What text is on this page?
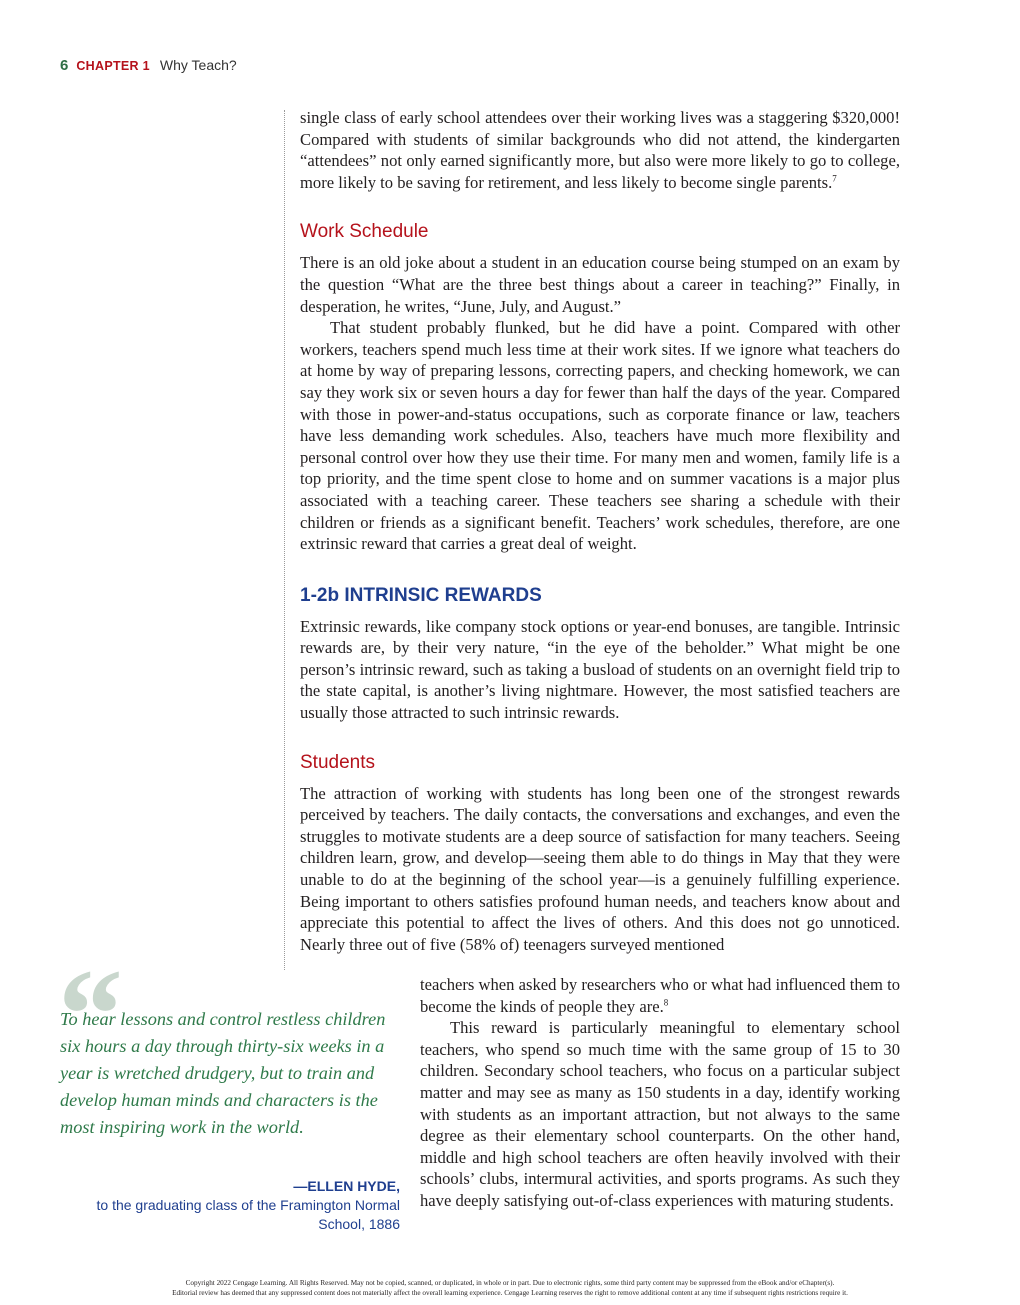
6 CHAPTER 1 Why Teach?

single class of early school attendees over their working lives was a staggering $320,000! Compared with students of similar backgrounds who did not attend, the kindergarten “attendees” not only earned significantly more, but also were more likely to go to college, more likely to be saving for retirement, and less likely to become single parents.$^7$

Work Schedule

There is an old joke about a student in an education course being stumped on an exam by the question “What are the three best things about a career in teaching?” Finally, in desperation, he writes, “June, July, and August.”

That student probably flunked, but he did have a point. Compared with other workers, teachers spend much less time at their work sites. If we ignore what teachers do at home by way of preparing lessons, correcting papers, and checking homework, we can say they work six or seven hours a day for fewer than half the days of the year. Compared with those in power-and-status occupations, such as corporate finance or law, teachers have less demanding work schedules. Also, teachers have much more flexibility and personal control over how they use their time. For many men and women, family life is a top priority, and the time spent close to home and on summer vacations is a major plus associated with a teaching career. These teachers see sharing a schedule with their children or friends as a significant benefit. Teachers’ work schedules, therefore, are one extrinsic reward that carries a great deal of weight.

1-2b INTRINSIC REWARDS

Extrinsic rewards, like company stock options or year-end bonuses, are tangible. Intrinsic rewards are, by their very nature, “in the eye of the beholder.” What might be one person’s intrinsic reward, such as taking a busload of students on an overnight field trip to the state capital, is another’s living nightmare. However, the most satisfied teachers are usually those attracted to such intrinsic rewards.

Students

The attraction of working with students has long been one of the strongest rewards perceived by teachers. The daily contacts, the conversations and exchanges, and even the struggles to motivate students are a deep source of satisfaction for many teachers. Seeing children learn, grow, and develop—seeing them able to do things in May that they were unable to do at the beginning of the school year—is a genuinely fulfilling experience. Being important to others satisfies profound human needs, and teachers know about and appreciate this potential to affect the lives of others. And this does not go unnoticed. Nearly three out of five (58% of) teenagers surveyed mentioned

teachers when asked by researchers who or what had influenced them to become the kinds of people they are.$^8$

This reward is particularly meaningful to elementary school teachers, who spend so much time with the same group of 15 to 30 children. Secondary school teachers, who focus on a particular subject matter and may see as many as 150 students in a day, identify working with students as an important attraction, but not always to the same degree as their elementary school counterparts. On the other hand, middle and high school teachers are often heavily involved with their schools’ clubs, intermural activities, and sports programs. As such they have deeply satisfying out-of-class experiences with maturing students.

“

To hear lessons and control restless children six hours a day through thirty-six weeks in a year is wretched drudgery, but to train and develop human minds and characters is the most inspiring work in the world.

—ELLEN HYDE,
to the graduating class of the Framington Normal School, 1886
Copyright 2022 Cengage Learning. All Rights Reserved. May not be copied, scanned, or duplicated, in whole or in part. Due to electronic rights, some third party content may be suppressed from the eBook and/or eChapter(s).
Editorial review has deemed that any suppressed content does not materially affect the overall learning experience. Cengage Learning reserves the right to remove additional content at any time if subsequent rights restrictions require it.
